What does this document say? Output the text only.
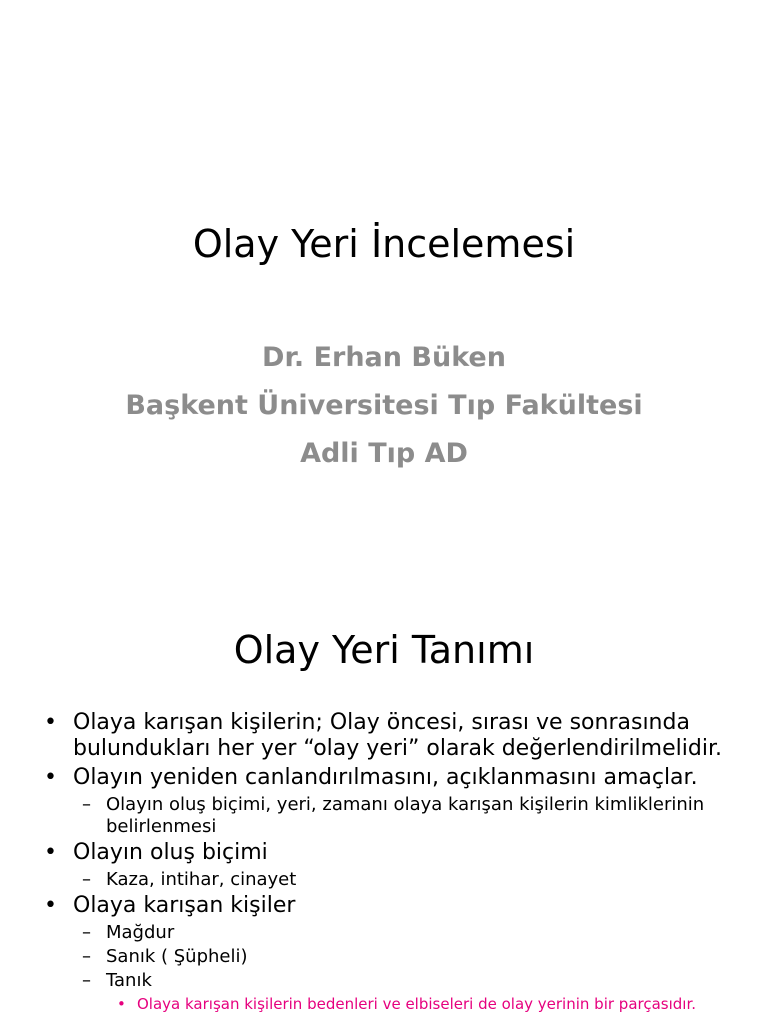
Olay Yeri İncelemesi
Dr. Erhan Büken
Başkent Üniversitesi Tıp Fakültesi
Adli Tıp AD
Olay Yeri Tanımı
• Olaya karışan kişilerin; Olay öncesi, sırası ve sonrasında bulundukları her yer “olay yeri” olarak değerlendirilmelidir.
• Olayın yeniden canlandırılmasını, açıklanmasını amaçlar.
– Olayın oluş biçimi, yeri, zamanı olaya karışan kişilerin kimliklerinin belirlenmesi
• Olayın oluş biçimi
– Kaza, intihar, cinayet
• Olaya karışan kişiler
– Mağdur
– Sanık ( Şüpheli)
– Tanık
• Olaya karışan kişilerin bedenleri ve elbiseleri de olay yerinin bir parçasıdır.
